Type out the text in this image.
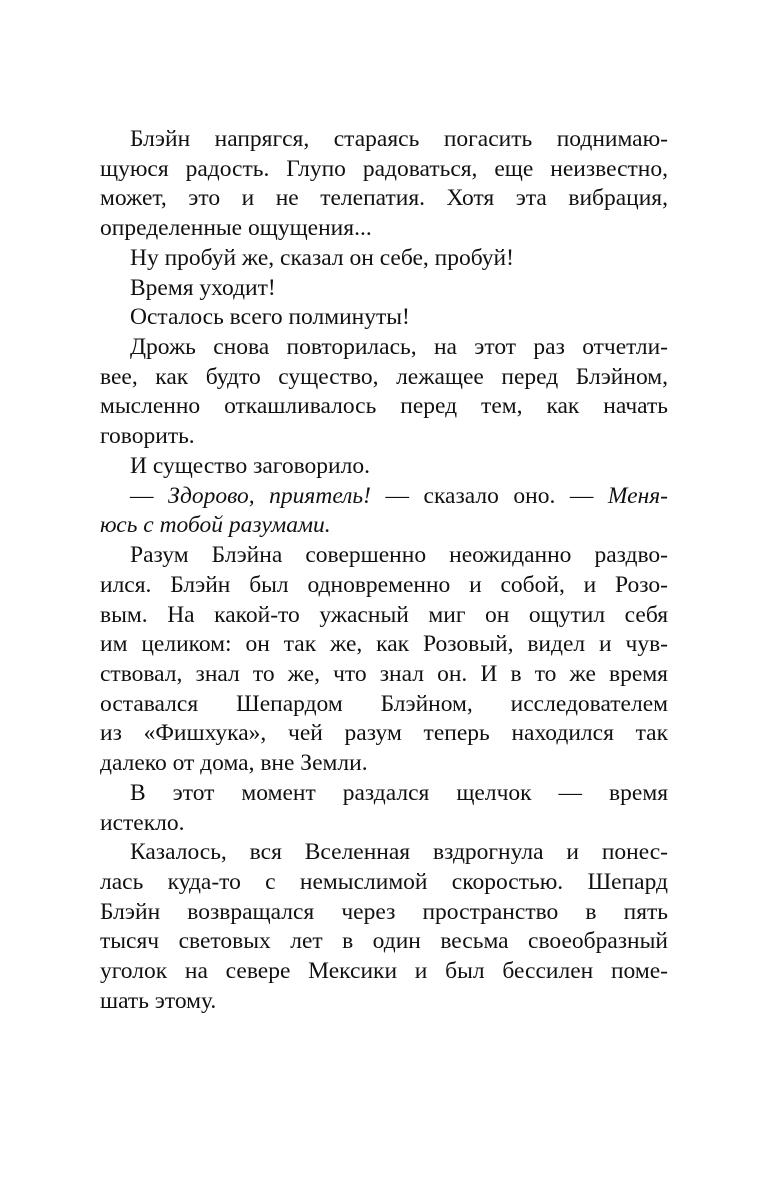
Блэйн напрягся, стараясь погасить поднимаю-
щуюся радость. Глупо радоваться, еще неизвестно,
может, это и не телепатия. Хотя эта вибрация,
определенные ощущения...
Ну пробуй же, сказал он себе, пробуй!
Время уходит!
Осталось всего полминуты!
Дрожь снова повторилась, на этот раз отчетли-
вее, как будто существо, лежащее перед Блэйном,
мысленно откашливалось перед тем, как начать
говорить.
И существо заговорило.
— Здорово, приятель! — сказало оно. — Меня-
юсь с тобой разумами.
Разум Блэйна совершенно неожиданно раздво-
ился. Блэйн был одновременно и собой, и Розо-
вым. На какой-то ужасный миг он ощутил себя
им целиком: он так же, как Розовый, видел и чув-
ствовал, знал то же, что знал он. И в то же время
оставался Шепардом Блэйном, исследователем
из «Фишхука», чей разум теперь находился так
далеко от дома, вне Земли.
В этот момент раздался щелчок — время
истекло.
Казалось, вся Вселенная вздрогнула и понес-
лась куда-то с немыслимой скоростью. Шепард
Блэйн возвращался через пространство в пять
тысяч световых лет в один весьма своеобразный
уголок на севере Мексики и был бессилен поме-
шать этому.
